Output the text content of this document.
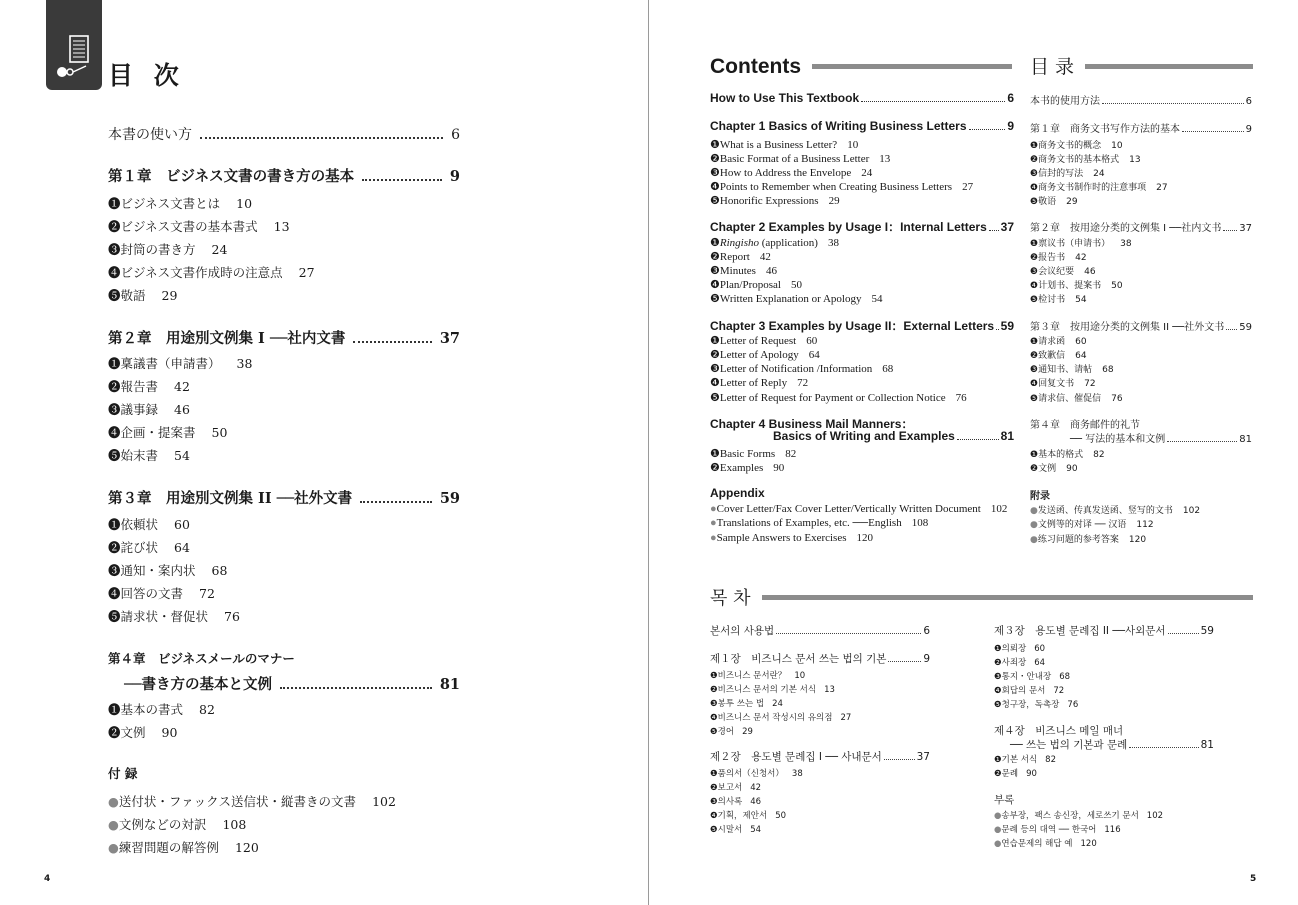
目 次
本書の使い方	6
第１章　ビジネス文書の書き方の基本	9
❶ビジネス文書とは 10
❷ビジネス文書の基本書式 13
❸封筒の書き方 24
❹ビジネス文書作成時の注意点 27
❺敬語 29
第２章　用途別文例集 I ──社内文書	37
❶稟議書（申請書） 38
❷報告書 42
❸議事録 46
❹企画・提案書 50
❺始末書 54
第３章　用途別文例集 II ──社外文書	59
❶依頼状 60
❷詫び状 64
❸通知・案内状 68
❹回答の文書 72
❺請求状・督促状 76
第４章　ビジネスメールのマナー
──書き方の基本と文例	81
❶基本の書式 82
❷文例 90
付 録
●送付状・ファックス送信状・縦書きの文書 102
●文例などの対訳 108
●練習問題の解答例 120
4
Contents	目 录
How to Use This Textbook	6
Chapter 1 Basics of Writing Business Letters	9
❶What is a Business Letter? 10
❷Basic Format of a Business Letter 13
❸How to Address the Envelope 24
❹Points to Remember when Creating Business Letters 27
❺Honorific Expressions 29
Chapter 2 Examples by Usage I：Internal Letters 37
❶Ringisho (application) 38
❷Report 42
❸Minutes 46
❹Plan/Proposal 50
❺Written Explanation or Apology 54
Chapter 3 Examples by Usage II：External Letters 59
❶Letter of Request 60
❷Letter of Apology 64
❸Letter of Notification /Information 68
❹Letter of Reply 72
❺Letter of Request for Payment or Collection Notice 76
Chapter 4 Business Mail Manners：
Basics of Writing and Examples	81
❶Basic Forms 82
❷Examples 90
Appendix
●Cover Letter/Fax Cover Letter/Vertically Written Document 102
●Translations of Examples, etc. ──English 108
●Sample Answers to Exercises 120
本书的使用方法	6
第１章　商务文书写作方法的基本	9
❶商务文书的概念 10
❷商务文书的基本格式 13
❸信封的写法 24
❹商务文书制作时的注意事项 27
❺敬语 29
第２章　按用途分类的文例集 I ──社内文书 37
❶禀议书（申请书） 38
❷报告书 42
❸会议纪要 46
❹计划书、提案书 50
❺检讨书 54
第３章　按用途分类的文例集 II ──社外文书 59
❶请求函 60
❷致歉信 64
❸通知书、请帖 68
❹回复文书 72
❺请求信、催促信 76
第４章　商务邮件的礼节
── 写法的基本和文例	81
❶基本的格式 82
❷文例 90
附录
●发送函、传真发送函、竖写的文书 102
●文例等的对译 ── 汉语 112
●练习问题的参考答案 120
목 차
본서의 사용법	6
제１장　비즈니스 문서 쓰는 법의 기본	9
❶비즈니스 문서란？ 10
❷비즈니스 문서의 기본 서식 13
❸봉투 쓰는 법 24
❹비즈니스 문서 작성시의 유의점 27
❺경어 29
제２장　용도별 문례집 I ── 사내문서	37
❶품의서（신청서） 38
❷보고서 42
❸의사록 46
❹기획，제안서 50
❺시말서 54
제３장　용도별 문례집 II ──사외문서	59
❶의뢰장 60
❷사죄장 64
❸통지・안내장 68
❹회답의 문서 72
❺청구장，독촉장 76
제４장　비즈니스 메일 매너
── 쓰는 법의 기본과 문례	81
❶기본 서식 82
❷문례 90
부록
●송부장，팩스 송신장，세로쓰기 문서 102
●문례 등의 대역 ── 한국어 116
●연습문제의 해답 예 120
5
